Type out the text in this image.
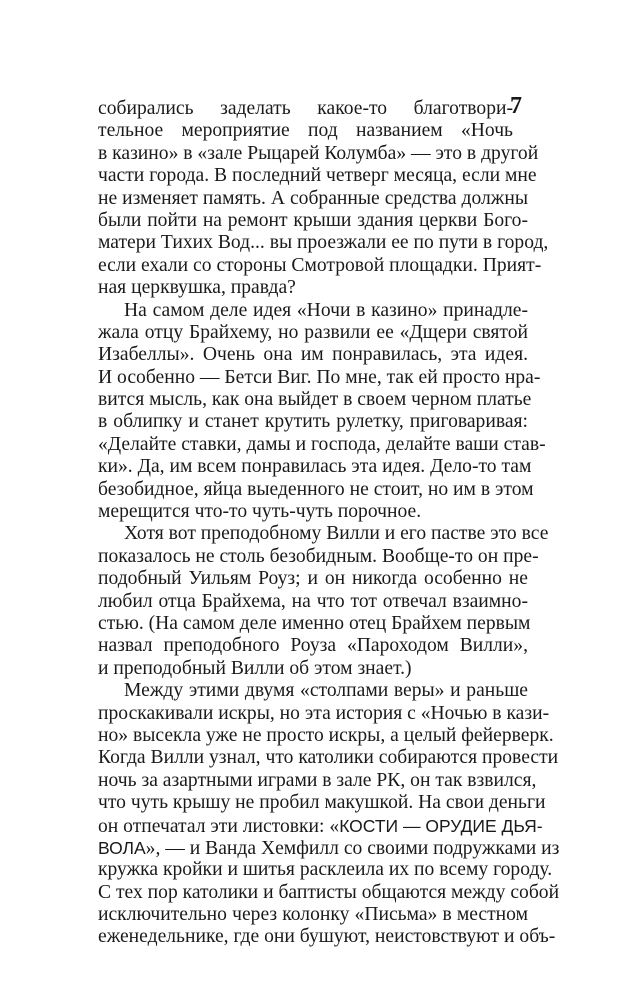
7
собирались заделать какое-то благотвори-
тельное мероприятие под названием «Ночь
в казино» в «зале Рыцарей Колумба» — это в другой
части города. В последний четверг месяца, если мне
не изменяет память. А собранные средства должны
были пойти на ремонт крыши здания церкви Бого-
матери Тихих Вод... вы проезжали ее по пути в город,
если ехали со стороны Смотровой площадки. Прият-
ная церквушка, правда?
На самом деле идея «Ночи в казино» принадле-
жала отцу Брайхему, но развили ее «Дщери святой
Изабеллы». Очень она им понравилась, эта идея.
И особенно — Бетси Виг. По мне, так ей просто нра-
вится мысль, как она выйдет в своем черном платье
в облипку и станет крутить рулетку, приговаривая:
«Делайте ставки, дамы и господа, делайте ваши став-
ки». Да, им всем понравилась эта идея. Дело-то там
безобидное, яйца выеденного не стоит, но им в этом
мерещится что-то чуть-чуть порочное.
Хотя вот преподобному Вилли и его пастве это все
показалось не столь безобидным. Вообще-то он пре-
подобный Уильям Роуз; и он никогда особенно не
любил отца Брайхема, на что тот отвечал взаимно-
стью. (На самом деле именно отец Брайхем первым
назвал преподобного Роуза «Пароходом Вилли»,
и преподобный Вилли об этом знает.)
Между этими двумя «столпами веры» и раньше
проскакивали искры, но эта история с «Ночью в кази-
но» высекла уже не просто искры, а целый фейерверк.
Когда Вилли узнал, что католики собираются провести
ночь за азартными играми в зале РК, он так взвился,
что чуть крышу не пробил макушкой. На свои деньги
он отпечатал эти листовки: «КОСТИ — ОРУДИЕ ДЬЯ-
ВОЛА», — и Ванда Хемфилл со своими подружками из
кружка кройки и шитья расклеила их по всему городу.
С тех пор католики и баптисты общаются между собой
исключительно через колонку «Письма» в местном
еженедельнике, где они бушуют, неистовствуют и объ-
